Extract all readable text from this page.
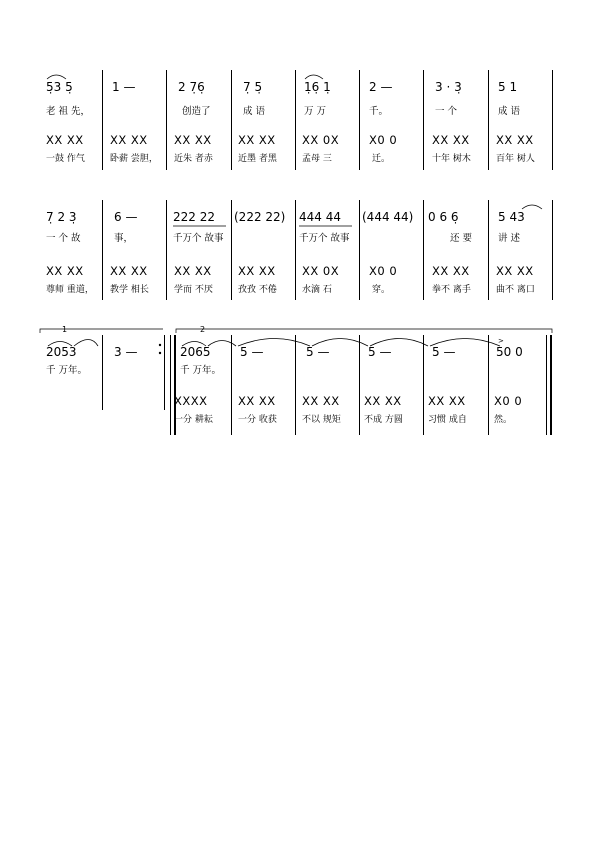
5̣3 5̣
老 祖 先，
XX XX
一鼓 作气
1 —
XX XX
卧薪 尝胆，
2 7̣6̣
创造了
XX XX
近朱 者赤
7̣ 5̣
成 语
XX XX
近墨 者黑
1̣6̣ 1̣
万 万
XX 0X
孟母 三
2 —
千。
X0 0
迁。
3 · 3̣
一 个
XX XX
十年 树木
5 1
成 语
XX XX
百年 树人
7̣ 2 3̣
一 个 故
XX XX
尊师 重道，
6 —
事，
XX XX
教学 相长
222 22
千万个 故事
XX XX
学而 不厌
(222 22)
XX XX
孜孜 不倦
444 44
千万个 故事
XX 0X
水滴 石
(444 44)
X0 0
穿。
0 6 6̣
还 要
XX XX
拳不 离手
5 43
讲 述
XX XX
曲不 离口
>
1	2
2053
千 万年。
3 —	2065
千 万年。
XXXX
一分 耕耘
5 —
XX XX
一分 收获
5 —
XX XX
不以 规矩
5 —
XX XX
不成 方圆
5 —
XX XX
习惯 成自
50 0
X0 0
然。
